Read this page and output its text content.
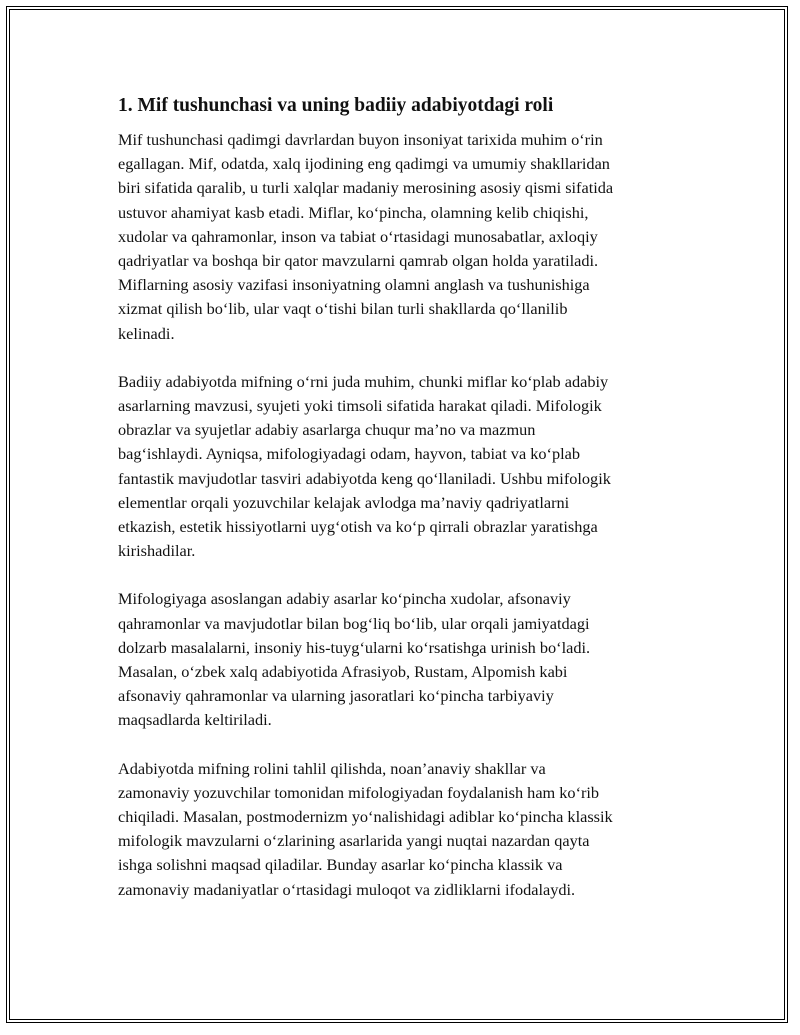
1. Mif tushunchasi va uning badiiy adabiyotdagi roli

Mif tushunchasi qadimgi davrlardan buyon insoniyat tarixida muhim o‘rin
egallagan. Mif, odatda, xalq ijodining eng qadimgi va umumiy shakllaridan
biri sifatida qaralib, u turli xalqlar madaniy merosining asosiy qismi sifatida
ustuvor ahamiyat kasb etadi. Miflar, ko‘pincha, olamning kelib chiqishi,
xudolar va qahramonlar, inson va tabiat o‘rtasidagi munosabatlar, axloqiy
qadriyatlar va boshqa bir qator mavzularni qamrab olgan holda yaratiladi.
Miflarning asosiy vazifasi insoniyatning olamni anglash va tushunishiga
xizmat qilish bo‘lib, ular vaqt o‘tishi bilan turli shakllarda qo‘llanilib
kelinadi.

Badiiy adabiyotda mifning o‘rni juda muhim, chunki miflar ko‘plab adabiy
asarlarning mavzusi, syujeti yoki timsoli sifatida harakat qiladi. Mifologik
obrazlar va syujetlar adabiy asarlarga chuqur ma’no va mazmun
bag‘ishlaydi. Ayniqsa, mifologiyadagi odam, hayvon, tabiat va ko‘plab
fantastik mavjudotlar tasviri adabiyotda keng qo‘llaniladi. Ushbu mifologik
elementlar orqali yozuvchilar kelajak avlodga ma’naviy qadriyatlarni
etkazish, estetik hissiyotlarni uyg‘otish va ko‘p qirrali obrazlar yaratishga
kirishadilar.

Mifologiyaga asoslangan adabiy asarlar ko‘pincha xudolar, afsonaviy
qahramonlar va mavjudotlar bilan bog‘liq bo‘lib, ular orqali jamiyatdagi
dolzarb masalalarni, insoniy his-tuyg‘ularni ko‘rsatishga urinish bo‘ladi.
Masalan, o‘zbek xalq adabiyotida Afrasiyob, Rustam, Alpomish kabi
afsonaviy qahramonlar va ularning jasoratlari ko‘pincha tarbiyaviy
maqsadlarda keltiriladi.

Adabiyotda mifning rolini tahlil qilishda, noan’anaviy shakllar va
zamonaviy yozuvchilar tomonidan mifologiyadan foydalanish ham ko‘rib
chiqiladi. Masalan, postmodernizm yo‘nalishidagi adiblar ko‘pincha klassik
mifologik mavzularni o‘zlarining asarlarida yangi nuqtai nazardan qayta
ishga solishni maqsad qiladilar. Bunday asarlar ko‘pincha klassik va
zamonaviy madaniyatlar o‘rtasidagi muloqot va zidliklarni ifodalaydi.
